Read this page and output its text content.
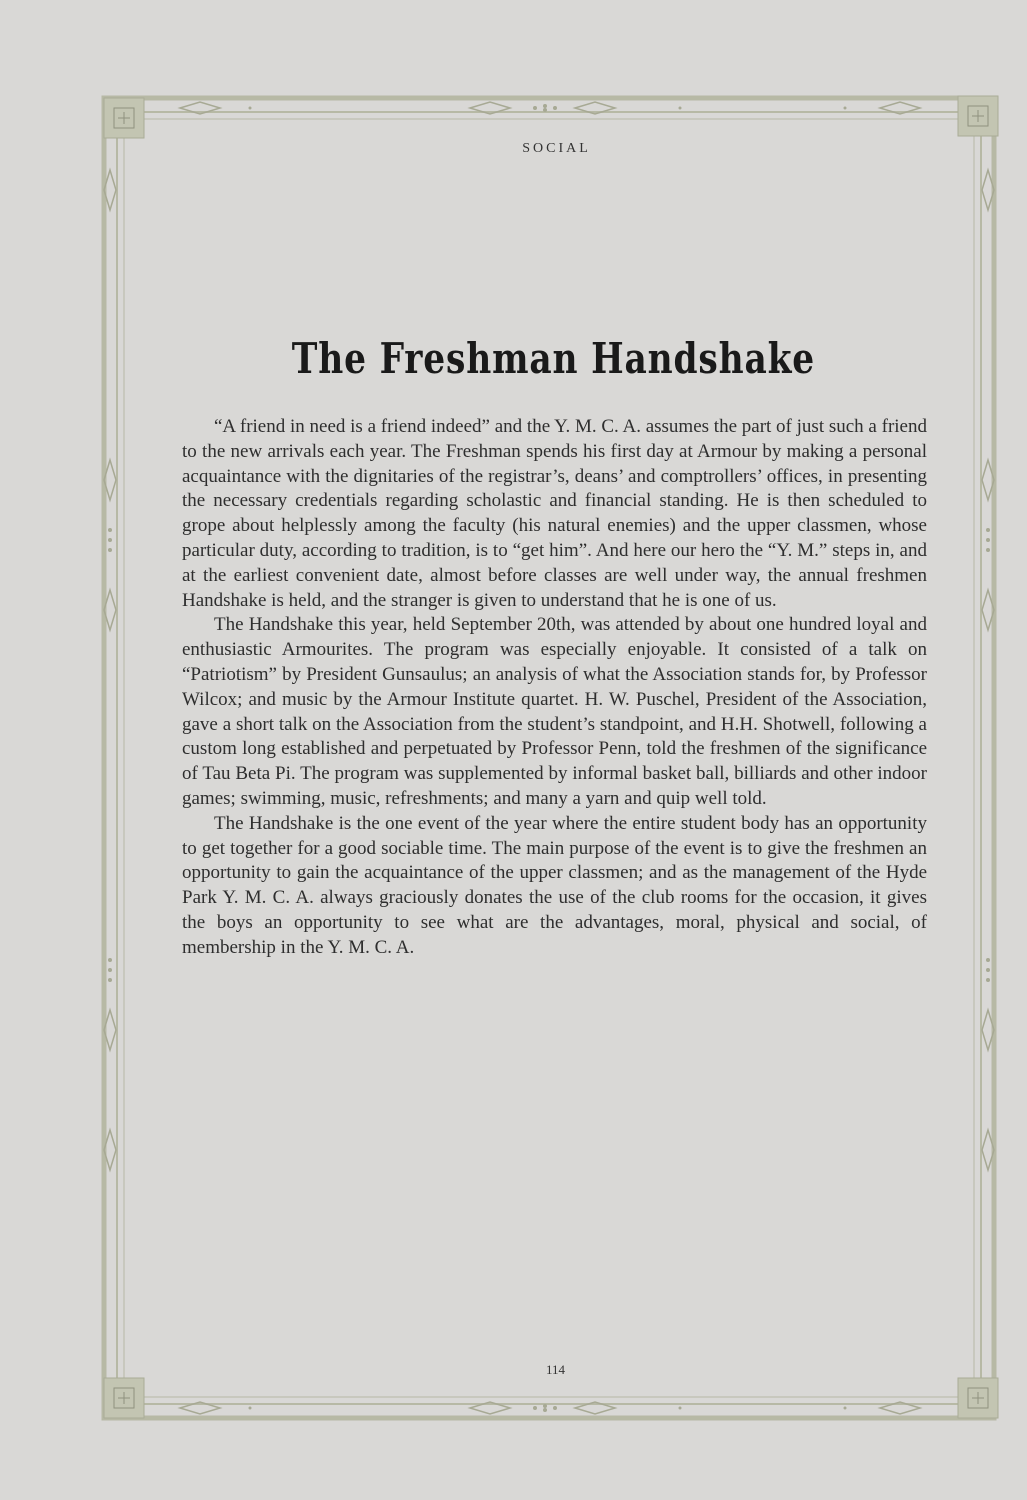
SOCIAL
The Freshman Handshake

“A friend in need is a friend indeed” and the Y. M. C. A. assumes the part of just such a friend to the new arrivals each year. The Freshman spends his first day at Armour by making a personal acquaintance with the dignitaries of the registrar’s, deans’ and comptrollers’ offices, in presenting the necessary credentials regarding scholastic and financial standing. He is then scheduled to grope about helplessly among the faculty (his natural enemies) and the upper classmen, whose particular duty, according to tradition, is to “get him”. And here our hero the “Y. M.” steps in, and at the earliest convenient date, almost before classes are well under way, the annual freshmen Handshake is held, and the stranger is given to understand that he is one of us.

The Handshake this year, held September 20th, was attended by about one hundred loyal and enthusiastic Armourites. The program was especially enjoyable. It consisted of a talk on “Patriotism” by President Gunsaulus; an analysis of what the Association stands for, by Professor Wilcox; and music by the Armour Institute quartet. H. W. Puschel, President of the Association, gave a short talk on the Association from the student’s standpoint, and H.H. Shotwell, following a custom long established and perpetuated by Professor Penn, told the freshmen of the significance of Tau Beta Pi. The program was supplemented by informal basket ball, billiards and other indoor games; swimming, music, refreshments; and many a yarn and quip well told.

The Handshake is the one event of the year where the entire student body has an opportunity to get together for a good sociable time. The main purpose of the event is to give the freshmen an opportunity to gain the acquaintance of the upper classmen; and as the management of the Hyde Park Y. M. C. A. always graciously donates the use of the club rooms for the occasion, it gives the boys an opportunity to see what are the advantages, moral, physical and social, of membership in the Y. M. C. A.

114
